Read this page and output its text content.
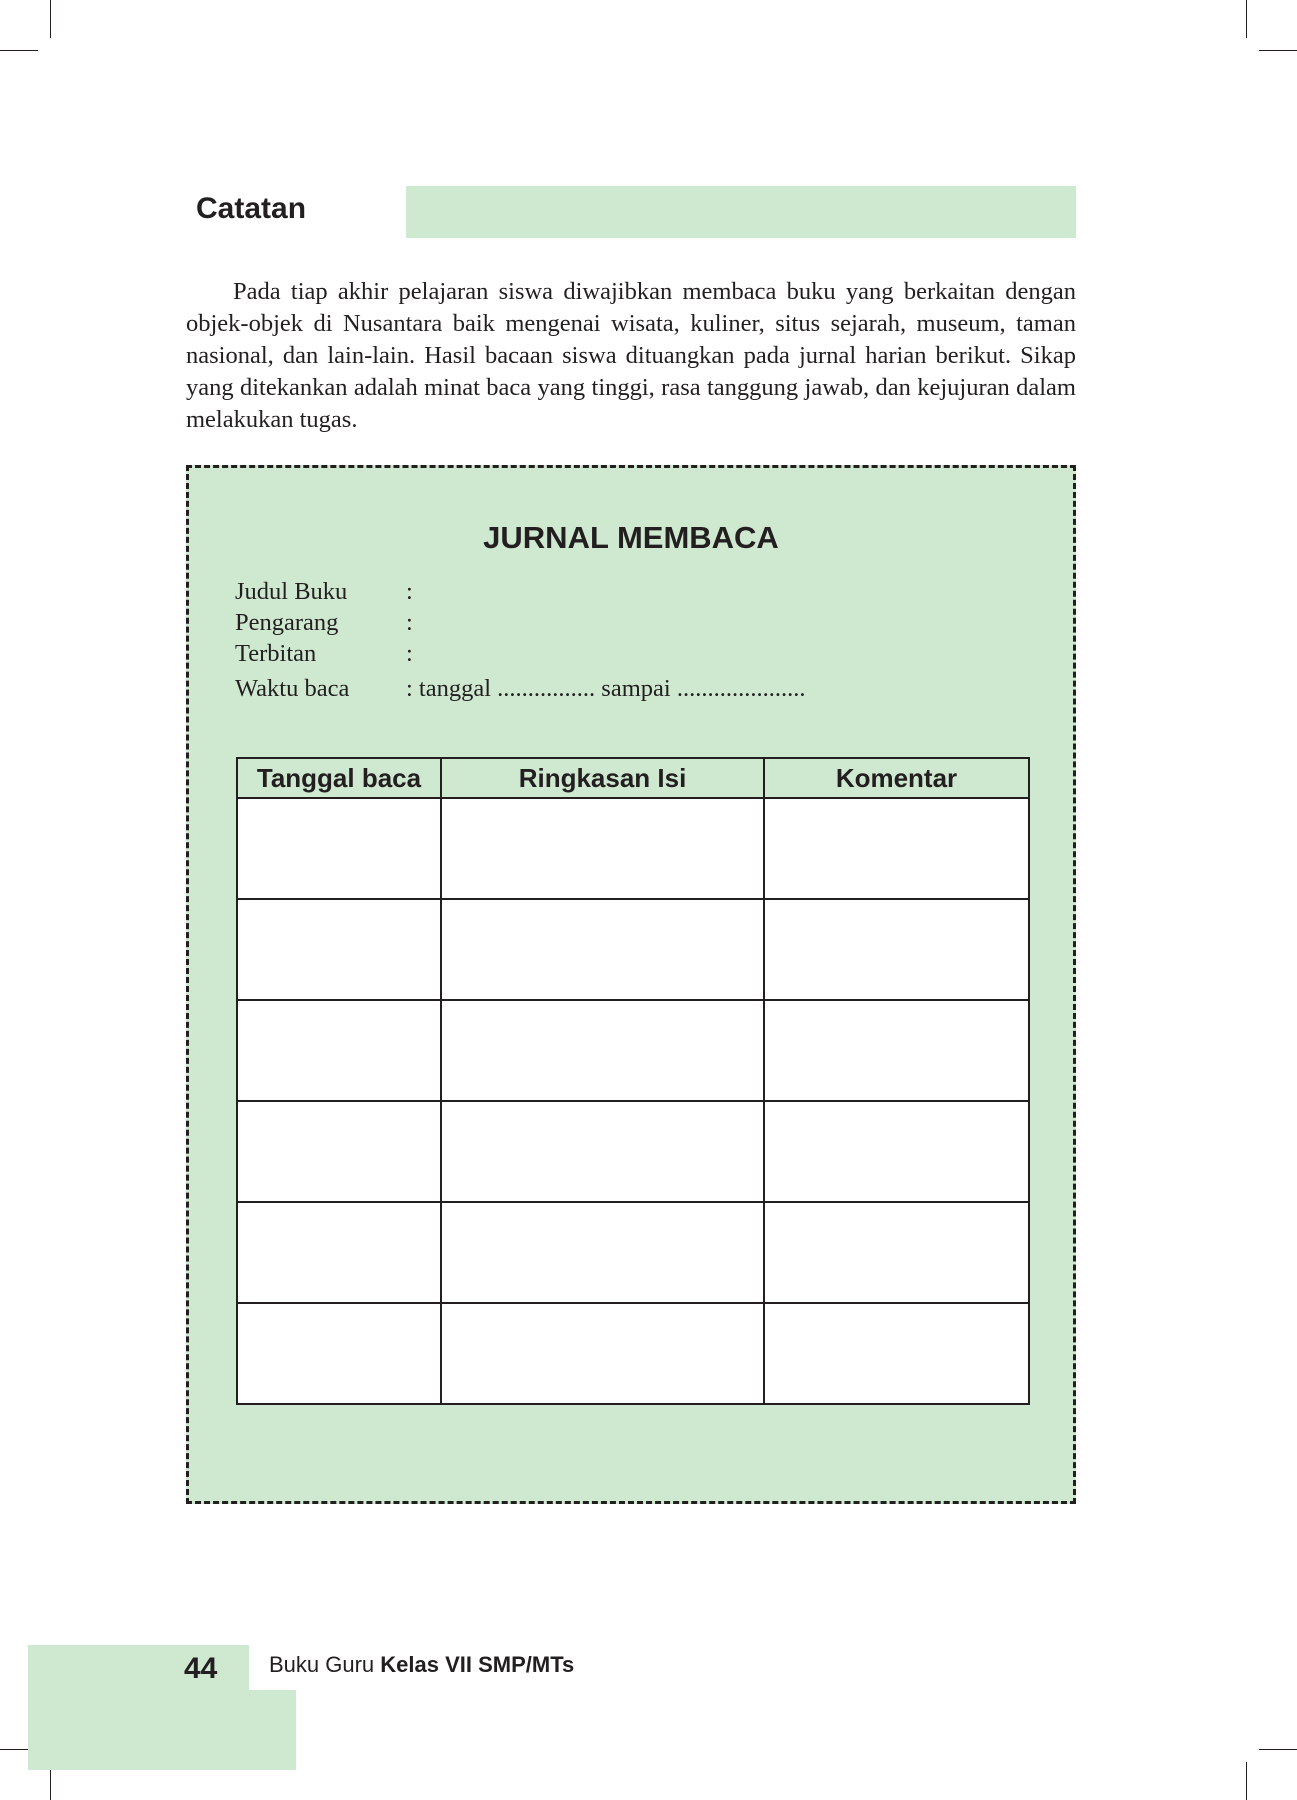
Catatan

Pada tiap akhir pelajaran siswa diwajibkan membaca buku yang berkaitan dengan objek-objek di Nusantara baik mengenai wisata, kuliner, situs sejarah, museum, taman nasional, dan lain-lain. Hasil bacaan siswa dituangkan pada jurnal harian berikut. Sikap yang ditekankan adalah minat baca yang tinggi, rasa tanggung jawab, dan kejujuran dalam melakukan tugas.

JURNAL MEMBACA
Judul Buku :
Pengarang	:
Terbitan	:
Waktu baca : tanggal ................ sampai .....................
Tanggal baca	Ringkasan Isi	Komentar

44 Buku Guru Kelas VII SMP/MTs
